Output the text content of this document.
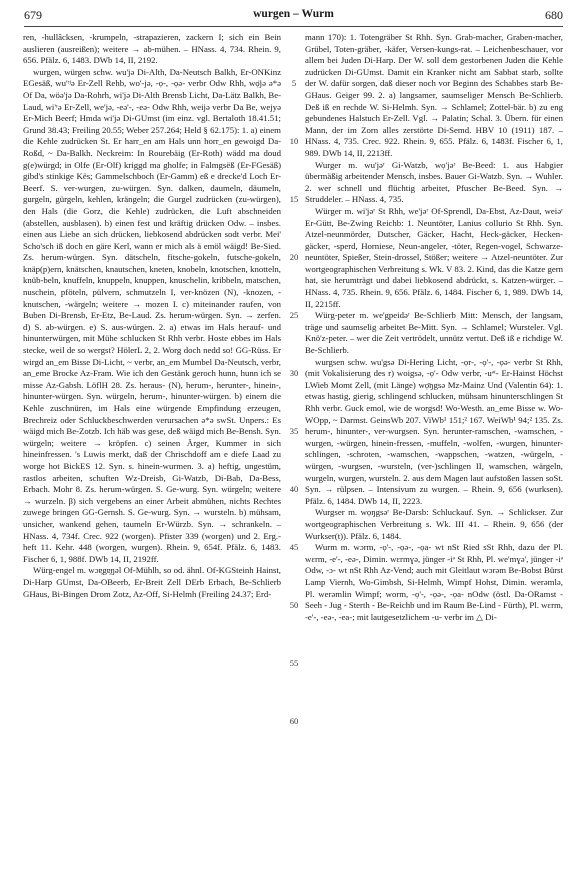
679	wurgen – Wurm	680

ren, -hullâcksen, -krumpeln, -strapazieren, zackern I; sich ein Bein auslieren (ausreißen); weitere → ab-mühen. – HNass. 4, 734. Rhein. 9, 656. Pfälz. 6, 1483. DWb 14, II, 2192.

wurgen, würgen schw. wu'jə Di-Alth, Da-Neutsch Balkh, Er-ONKinz EGesäß, wu'ʳʲə Er-Zell Rehb, wo'-jə, -ọ-, -ọə- verbr Odw Rhh, wọ̈jə ə*ə Of Da, wöə'jə Da-Rohrh, wi'jə Di-Alth Brensb Licht, Da-Lätz Balkh, Be-Laud, wi'ʳə Er-Zell, we'jə, -eə'-, -eə- Odw Rhh, weijə verbr Da Be, wejyə Er-Mich Beerf; Hmda wi'jə Di-GUmst (im einz. vgl. Bertaloth 18.41.51; Grund 38.43; Freiling 20.55; Weber 257.264; Held § 62.175): 1. a) einem die Kehle zudrücken St. Er harr_en am Hals unn horr_en gewoigd Da-Roßd, ~ Da-Balkh. Neckreim: In Rourebäig (Er-Roth) wädd ma doud g(e)würgd; in Olfe (Er-Olf) kriggd ma gholfe; in Falmgsëß (Er-FGesäß) gibd's stinkige Kës; Gammelschboch (Er-Gamm) eß e drecke'd Loch Er-Beerf. S. ver-wurgen, zu-würgen. Syn. dalken, daumeln, däumeln, gurgeln, gürgeln, kehlen, krängeln; die Gurgel zudrücken (zu-würgen), den Hals (die Gorz, die Kehle) zudrücken, die Luft abschneiden (abstellen, ausblasen). b) einen fest und kräftig drücken Odw. – insbes. einen aus Liebe an sich drücken, liebkosend abdrücken sodt verbr. Mei' Scho'sch iß doch en gäre Kerl, wann er mich als ä emöl wäigd! Be-Sied. Zs. herum-würgen. Syn. dätscheln, fitsche-gokeln, futsche-gokeln, knäp(p)ern, knätschen, knautschen, kneten, knobeln, knotschen, knotteln, knüb-beln, knuffeln, knuppeln, knuppen, knuschelin, kribbeln, matschen, nuschein, pföteln, pülvern, schmutzeln I, ver-knözen (N), -knozen, -knutschen, -wärgeln; weitere → mozen I. c) miteinander raufen, von Buben Di-Brensb, Er-Etz, Be-Laud. Zs. herum-würgen. Syn. → zerfen. d) S. ab-würgen. e) S. aus-würgen. 2. a) etwas im Hals herauf- und hinunterwürgen, mit Mühe schlucken St Rhh verbr. Hoste ebbes im Hals stecke, weil de so wergst? HölerL 2, 2. Worg doch nedd so! GG-Rüss. Er wirgd an_em Bisse Di-Licht, ~ verbr, an_em Mumbel Da-Neutsch, verbr, an_eme Brocke Az-Fram. Wie ich den Gestänk geroch hunn, hunn ich se misse Az-Gabsh. LöflH 28. Zs. heraus- (N), herum-, herunter-, hinein-, hinunter-würgen. Syn. würgeln, herum-, hinunter-würgen. b) einem die Kehle zuschnüren, im Hals eine würgende Empfindung erzeugen, Brechreiz oder Schluckbeschwerden verursachen ə*ə swSt. Unpers.: Es wäigd mich Be-Zotzb. Ich häb was gese, deß wäigd mich Be-Bensh. Syn. würgeln; weitere → kröpfen. c) seinen Ärger, Kummer in sich hineinfressen. 's Luwis merkt, daß der Chrischdoff am e diefe Laad zu worge hot BickES 12. Syn. s. hinein-wurmen. 3. a) heftig, ungestüm, rastlos arbeiten, schuften Wz-Dreisb, Gi-Watzb, Di-Bab, Da-Bess, Erbach. Mohr 8. Zs. herum-würgen. S. Ge-wurg. Syn. würgeln; weitere → wurzeln. β) sich vergebens an einer Arbeit abmühen, nichts Rechtes zuwege bringen GG-Gernsh. S. Ge-wurg. Syn. → wursteln. b) mühsam, unsicher, wankend gehen, taumeln Er-Würzb. Syn. → schrankeln. – HNass. 4, 734f. Crec. 922 (worgen). Pfister 339 (worgen) und 2. Erg.-heft 11. Kehr. 448 (worgen, wurgen). Rhein. 9, 654f. Pfälz. 6, 1483. Fischer 6, 1, 988f. DWb 14, II, 2192ff.

Würg-engel m. wɔɐ̯gɐ̯ŋəl Of-Mühlh, so od. ähnl. Of-KGSteinh Hainst, Di-Harp GUmst, Da-OBeerb, Er-Breit Zell DErb Erbach, Be-Schlierb GHaus, Bi-Bingen Drom Zotz, Az-Off, Si-Helmh (Freiling 24.37; Erd-

5
10
15
20
25
30
35
40
45
50
55
60

mann 170): 1. Totengräber St Rhh. Syn. Grab-macher, Graben-macher, Grübel, Toten-gräber, -käfer, Versen-kungs-rat. – Leichenbeschauer, vor allem bei Juden Di-Harp. Der W. soll dem gestorbenen Juden die Kehle zudrücken Di-GUmst. Damit ein Kranker nicht am Sabbat starb, sollte der W. dafür sorgen, daß dieser noch vor Beginn des Schabbes starb Be-GHaus. Geiger 99. 2. a) langsamer, saumseliger Mensch Be-Schlierb. Deß iß en rechde W. Si-Helmh. Syn. → Schlamel; Zottel-bär. b) zu eng gebundenes Halstuch Er-Zell. Vgl. → Palatin; Schal. 3. Übern. für einen Mann, der im Zorn alles zerstörte Di-Semd. HBV 10 (1911) 187. – HNass. 4, 735. Crec. 922. Rhein. 9, 655. Pfälz. 6, 1483f. Fischer 6, 1, 989. DWb 14, II, 2213ff.

Wurger m. wu'jəʳ Gi-Watzb, wọ'jəʳ Be-Beed: 1. aus Habgier übermäßig arbeitender Mensch, insbes. Bauer Gi-Watzb. Syn. → Wuhler. 2. wer schnell und flüchtig arbeitet, Pfuscher Be-Beed. Syn. → Struddeler. – HNass. 4, 735.

Würger m. wi'jəʳ St Rhh, we'jəʳ Of-Sprendl, Da-Ebst, Az-Daut, weiəʳ Er-Gütt, Be-Zwing Reichb: 1. Neuntöter, Lanius collurio St Rhh. Syn. Atzel-neunmörder, Dutscher, Gäcker, Hacht, Heck-gäcker, Hecken-gäcker, -sperd, Horniese, Neun-angeler, -töter, Regen-vogel, Schwarze-neuntöter, Spießer, Stein-drossel, Stößer; weitere → Atzel-neuntöter. Zur wortgeographischen Verbreitung s. Wk. V 83. 2. Kind, das die Katze gern hat, sie herumträgt und dabei liebkosend abdrückt, s. Katzen-würger. – HNass. 4, 735. Rhein. 9, 656. Pfälz. 6, 1484. Fischer 6, 1, 989. DWb 14, II, 2215ff.

Würg-peter m. we'gpeidəʳ Be-Schlierb Mitt: Mensch, der langsam, träge und saumselig arbeitet Be-Mitt. Syn. → Schlamel; Wursteler. Vgl. Knö'z-peter. – wer die Zeit vertrödelt, unnütz vertut. Deß iß e richdige W. Be-Schlierb.

wurgsen schw. wu'gsə Di-Hering Licht, -ọr-, -ọ'-, -ọə- verbr St Rhh, (mit Vokalisierung des r) woigsə, -ọ'- Odw verbr, -uᵊᵗ- Er-Hainst Höchst LWieb Momt Zell, (mit Länge) wọ̄ŋgsə Mz-Mainz Und (Valentin 64): 1. etwas hastig, gierig, schlingend schlucken, mühsam hinunterschlingen St Rhh verbr. Guck emol, wie de worgsd! Wo-Westh. an_eme Bisse w. Wo-WOpp, ~ Darmst. GeinsWb 207. ViWb¹ 151;² 167. WeiWb¹ 94;² 135. Zs. herum-, hinunter-, ver-wurgsen. Syn. herunter-ramschen, -wamschen, -wurgen, -würgen, hinein-fressen, -muffeln, -wolfen, -wurgen, hinunter-schlingen, -schroten, -wamschen, -wappschen, -watzen, -würgeln, -würgen, -wurgsen, -wursteln, (ver-)schlingen II, wamschen, wärgeln, wurgeln, wurgen, wursteln. 2. aus dem Magen laut aufstoßen lassen soSt. Syn. → rülpsen. – Intensivum zu wurgen. – Rhein. 9, 656 (wurksen). Pfälz. 6, 1484. DWb 14, II, 2223.

Wurgser m. wọŋgsəʳ Be-Darsb: Schluckauf. Syn. → Schlickser. Zur wortgeographischen Verbreitung s. Wk. III 41. – Rhein. 9, 656 (der Wurkser(t)). Pfälz. 6, 1484.

Wurm m. wɔrm, -ọ'-, -ọə-, -ọa- wt nSt Ried sSt Rhh, dazu der Pl. wɛrm, -e'-, -eə-, Dimin. wɛrmɣə, jünger -iᵊ St Rhh, Pl. we'mɣə', jünger -iᵊ Odw, -ɔ- wt nSt Rhh Az-Vend; auch mit Gleitlaut wɔrəm Be-Bobst Bürst Lamp Viernh, Wo-Gimbsh, Si-Helmh, Wimpf Hohst, Dimin. werəmlə, Pl. werəmlin Wimpf; worm, -ọ'-, -ọə-, -ọa- nOdw (östl. Da-ORamst - Seeh - Jug - Sterth - Be-Reichb und im Raum Be-Lind - Fürth), Pl. wɛrm, -e'-, -eə-, -ea-; mit lautgesetzlichem -u- verbr im △ Di-
